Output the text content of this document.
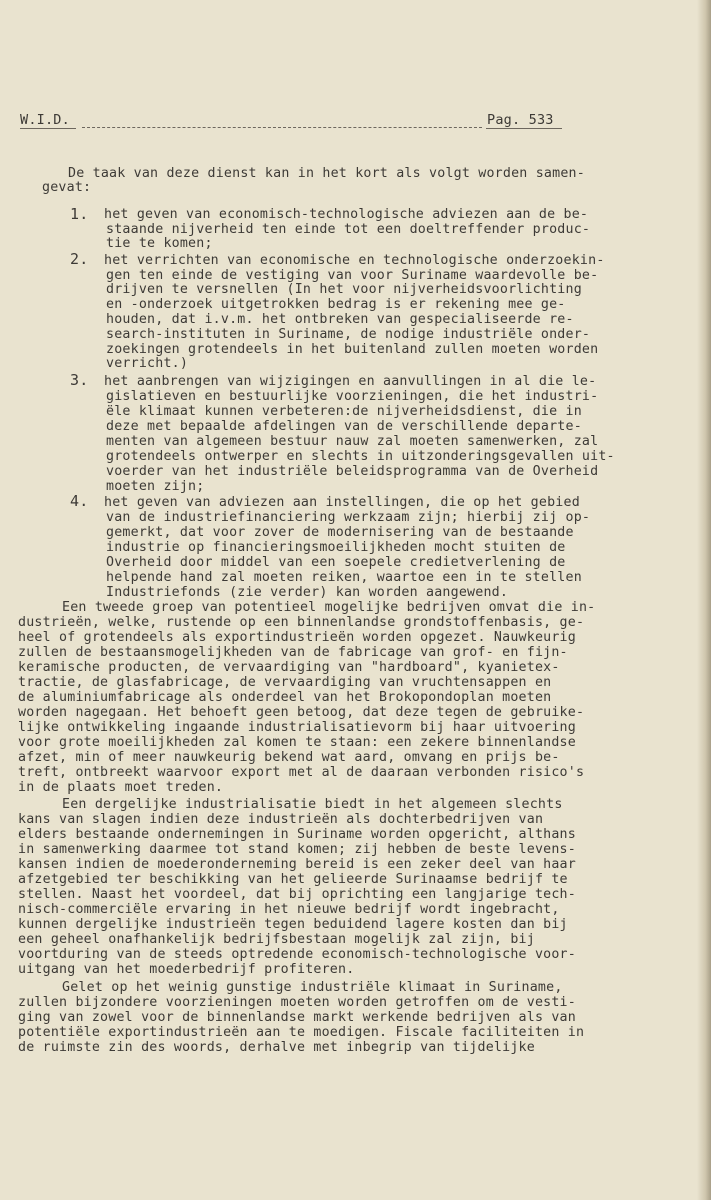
W.I.D.	Pag. 533
De taak van deze dienst kan in het kort als volgt worden samen-
gevat:
1. het geven van economisch-technologische adviezen aan de be-
staande nijverheid ten einde tot een doeltreffender produc-
tie te komen;
2. het verrichten van economische en technologische onderzoekin-
gen ten einde de vestiging van voor Suriname waardevolle be-
drijven te versnellen (In het voor nijverheidsvoorlichting
en -onderzoek uitgetrokken bedrag is er rekening mee ge-
houden, dat i.v.m. het ontbreken van gespecialiseerde re-
search-instituten in Suriname, de nodige industriële onder-
zoekingen grotendeels in het buitenland zullen moeten worden
verricht.)
3. het aanbrengen van wijzigingen en aanvullingen in al die le-
gislatieven en bestuurlijke voorzieningen, die het industri-
ële klimaat kunnen verbeteren:de nijverheidsdienst, die in
deze met bepaalde afdelingen van de verschillende departe-
menten van algemeen bestuur nauw zal moeten samenwerken, zal
grotendeels ontwerper en slechts in uitzonderingsgevallen uit-
voerder van het industriële beleidsprogramma van de Overheid
moeten zijn;
4. het geven van adviezen aan instellingen, die op het gebied
van de industriefinanciering werkzaam zijn; hierbij zij op-
gemerkt, dat voor zover de modernisering van de bestaande
industrie op financieringsmoeilijkheden mocht stuiten de
Overheid door middel van een soepele credietverlening de
helpende hand zal moeten reiken, waartoe een in te stellen
Industriefonds (zie verder) kan worden aangewend.
Een tweede groep van potentieel mogelijke bedrijven omvat die in-
dustrieën, welke, rustende op een binnenlandse grondstoffenbasis, ge-
heel of grotendeels als exportindustrieën worden opgezet. Nauwkeurig
zullen de bestaansmogelijkheden van de fabricage van grof- en fijn-
keramische producten, de vervaardiging van "hardboard", kyanietex-
tractie, de glasfabricage, de vervaardiging van vruchtensappen en
de aluminiumfabricage als onderdeel van het Brokopondoplan moeten
worden nagegaan. Het behoeft geen betoog, dat deze tegen de gebruike-
lijke ontwikkeling ingaande industrialisatievorm bij haar uitvoering
voor grote moeilijkheden zal komen te staan: een zekere binnenlandse
afzet, min of meer nauwkeurig bekend wat aard, omvang en prijs be-
treft, ontbreekt waarvoor export met al de daaraan verbonden risico's
in de plaats moet treden.
Een dergelijke industrialisatie biedt in het algemeen slechts
kans van slagen indien deze industrieën als dochterbedrijven van
elders bestaande ondernemingen in Suriname worden opgericht, althans
in samenwerking daarmee tot stand komen; zij hebben de beste levens-
kansen indien de moederonderneming bereid is een zeker deel van haar
afzetgebied ter beschikking van het gelieerde Surinaamse bedrijf te
stellen. Naast het voordeel, dat bij oprichting een langjarige tech-
nisch-commerciële ervaring in het nieuwe bedrijf wordt ingebracht,
kunnen dergelijke industrieën tegen beduidend lagere kosten dan bij
een geheel onafhankelijk bedrijfsbestaan mogelijk zal zijn, bij
voortduring van de steeds optredende economisch-technologische voor-
uitgang van het moederbedrijf profiteren.
Gelet op het weinig gunstige industriële klimaat in Suriname,
zullen bijzondere voorzieningen moeten worden getroffen om de vesti-
ging van zowel voor de binnenlandse markt werkende bedrijven als van
potentiële exportindustrieën aan te moedigen. Fiscale faciliteiten in
de ruimste zin des woords, derhalve met inbegrip van tijdelijke
